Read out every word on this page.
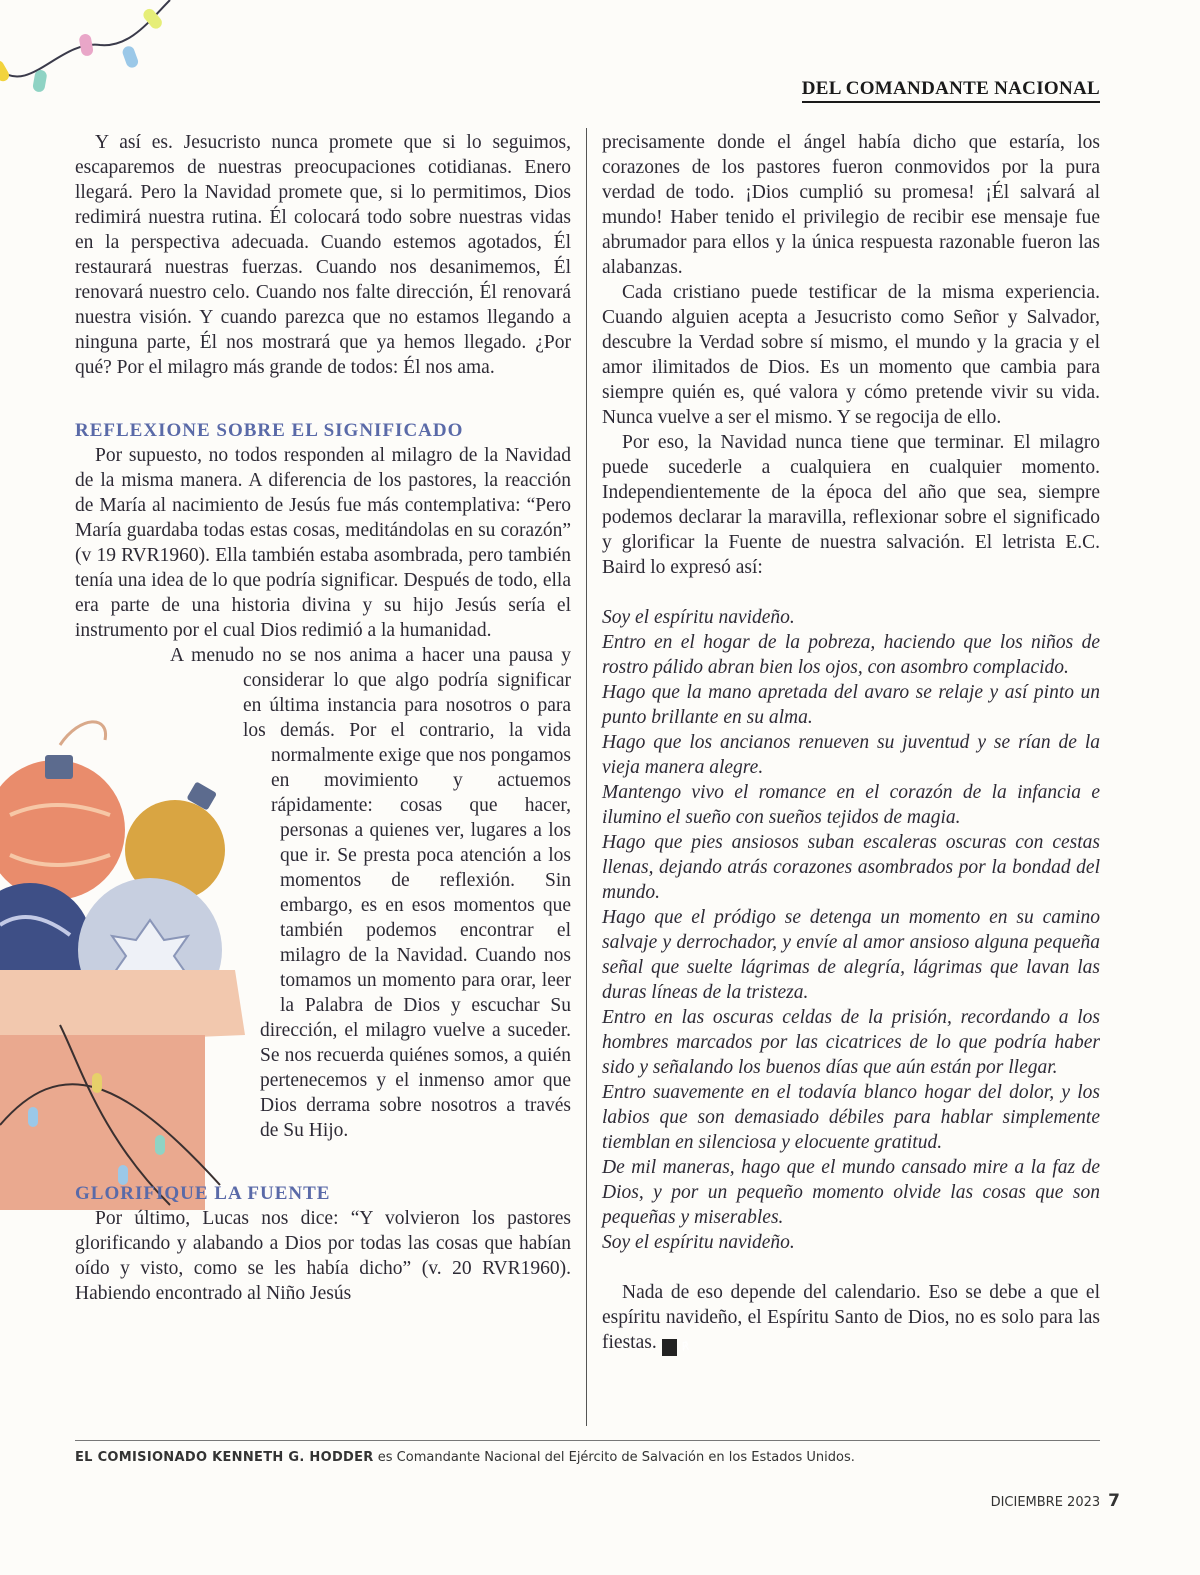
DEL COMANDANTE NACIONAL

Y así es. Jesucristo nunca promete que si lo seguimos, escaparemos de nuestras preocupaciones cotidianas. Enero llegará. Pero la Navidad promete que, si lo permitimos, Dios redimirá nuestra rutina. Él colocará todo sobre nuestras vidas en la perspectiva adecuada. Cuando estemos agotados, Él restaurará nuestras fuerzas. Cuando nos desanimemos, Él renovará nuestro celo. Cuando nos falte dirección, Él renovará nuestra visión. Y cuando parezca que no estamos llegando a ninguna parte, Él nos mostrará que ya hemos llegado. ¿Por qué? Por el milagro más grande de todos: Él nos ama.

REFLEXIONE SOBRE EL SIGNIFICADO

Por supuesto, no todos responden al milagro de la Navidad de la misma manera. A diferencia de los pastores, la reacción de María al nacimiento de Jesús fue más contemplativa: “Pero María guardaba todas estas cosas, meditándolas en su corazón” (v 19 RVR1960). Ella también estaba asombrada, pero también tenía una idea de lo que podría significar. Después de todo, ella era parte de una historia divina y su hijo Jesús sería el instrumento por el cual Dios redimió a la humanidad.

A menudo no se nos anima a hacer una pausa y considerar lo que algo podría significar en última instancia para nosotros o para los demás. Por el contrario, la vida normalmente exige que nos pongamos en movimiento y actuemos rápidamente: cosas que hacer, personas a quienes ver, lugares a los que ir. Se presta poca atención a los momentos de reflexión. Sin embargo, es en esos momentos que también podemos encontrar el milagro de la Navidad. Cuando nos tomamos un momento para orar, leer la Palabra de Dios y escuchar Su dirección, el milagro vuelve a suceder. Se nos recuerda quiénes somos, a quién pertenecemos y el inmenso amor que Dios derrama sobre nosotros a través de Su Hijo.

GLORIFIQUE LA FUENTE

Por último, Lucas nos dice: “Y volvieron los pastores glorificando y alabando a Dios por todas las cosas que habían oído y visto, como se les había dicho” (v. 20 RVR1960). Habiendo encontrado al Niño Jesús

precisamente donde el ángel había dicho que estaría, los corazones de los pastores fueron conmovidos por la pura verdad de todo. ¡Dios cumplió su promesa! ¡Él salvará al mundo! Haber tenido el privilegio de recibir ese mensaje fue abrumador para ellos y la única respuesta razonable fueron las alabanzas.

Cada cristiano puede testificar de la misma experiencia. Cuando alguien acepta a Jesucristo como Señor y Salvador, descubre la Verdad sobre sí mismo, el mundo y la gracia y el amor ilimitados de Dios. Es un momento que cambia para siempre quién es, qué valora y cómo pretende vivir su vida. Nunca vuelve a ser el mismo. Y se regocija de ello.

Por eso, la Navidad nunca tiene que terminar. El milagro puede sucederle a cualquiera en cualquier momento. Independientemente de la época del año que sea, siempre podemos declarar la maravilla, reflexionar sobre el significado y glorificar la Fuente de nuestra salvación. El letrista E.C. Baird lo expresó así:

Soy el espíritu navideño.
Entro en el hogar de la pobreza, haciendo que los niños de rostro pálido abran bien los ojos, con asombro complacido.
Hago que la mano apretada del avaro se relaje y así pinto un punto brillante en su alma.
Hago que los ancianos renueven su juventud y se rían de la vieja manera alegre.
Mantengo vivo el romance en el corazón de la infancia e ilumino el sueño con sueños tejidos de magia.
Hago que pies ansiosos suban escaleras oscuras con cestas llenas, dejando atrás corazones asombrados por la bondad del mundo.
Hago que el pródigo se detenga un momento en su camino salvaje y derrochador, y envíe al amor ansioso alguna pequeña señal que suelte lágrimas de alegría, lágrimas que lavan las duras líneas de la tristeza.
Entro en las oscuras celdas de la prisión, recordando a los hombres marcados por las cicatrices de lo que podría haber sido y señalando los buenos días que aún están por llegar.
Entro suavemente en el todavía blanco hogar del dolor, y los labios que son demasiado débiles para hablar simplemente tiemblan en silenciosa y elocuente gratitud.
De mil maneras, hago que el mundo cansado mire a la faz de Dios, y por un pequeño momento olvide las cosas que son pequeñas y miserables.
Soy el espíritu navideño.

Nada de eso depende del calendario. Eso se debe a que el espíritu navideño, el Espíritu Santo de Dios, no es solo para las fiestas. ℟

EL COMISIONADO KENNETH G. HODDER es Comandante Nacional del Ejército de Salvación en los Estados Unidos.
DICIEMBRE 2023 7
